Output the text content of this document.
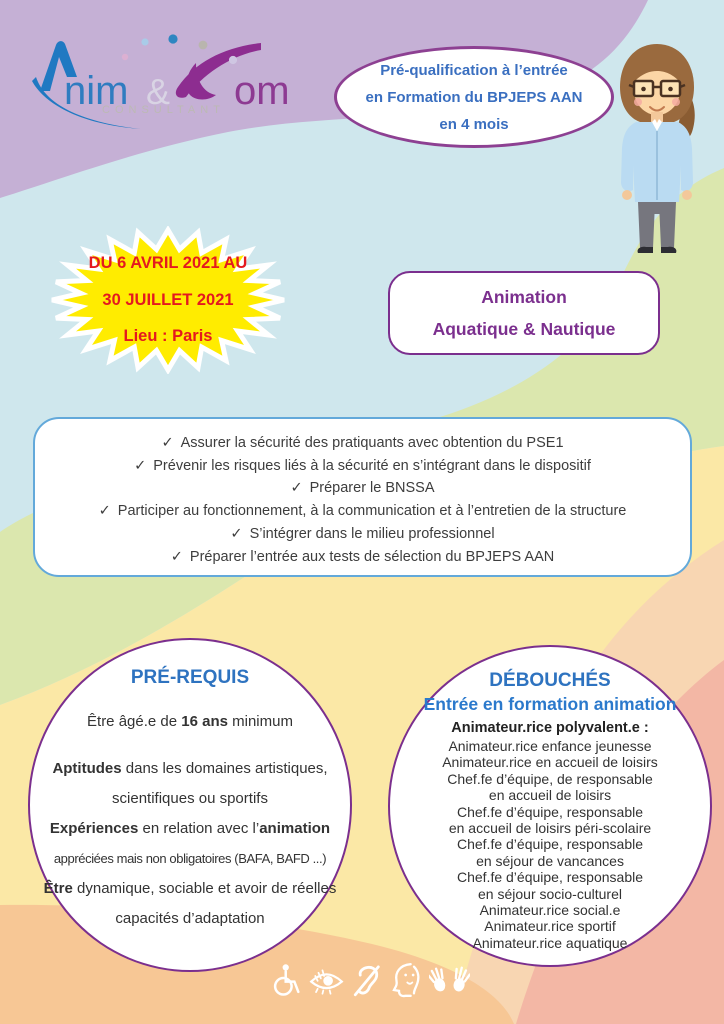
nim & om
CONSULTANT
Pré-qualification à l’entrée
en Formation du BPJEPS AAN
en 4 mois
DU 6 AVRIL 2021 AU
30 JUILLET 2021
Lieu : Paris
Animation
Aquatique & Nautique
✓ Assurer la sécurité des pratiquants avec obtention du PSE1
✓ Prévenir les risques liés à la sécurité en s’intégrant dans le dispositif
✓ Préparer le BNSSA
✓ Participer au fonctionnement, à la communication et à l’entretien de la structure
✓ S’intégrer dans le milieu professionnel
✓ Préparer l’entrée aux tests de sélection du BPJEPS AAN
PRÉ-REQUIS
Être âgé.e de 16 ans minimum
Aptitudes dans les domaines artistiques,
scientifiques ou sportifs
Expériences en relation avec l’animation
appréciées mais non obligatoires (BAFA, BAFD ...)
Être dynamique, sociable et avoir de réelles
capacités d’adaptation
DÉBOUCHÉS
Entrée en formation animation
Animateur.rice polyvalent.e :
Animateur.rice enfance jeunesse
Animateur.rice en accueil de loisirs
Chef.fe d’équipe, de responsable
en accueil de loisirs
Chef.fe d’équipe, responsable
en accueil de loisirs péri-scolaire
Chef.fe d’équipe, responsable
en séjour de vancances
Chef.fe d’équipe, responsable
en séjour socio-culturel
Animateur.rice social.e
Animateur.rice sportif
Animateur.rice aquatique
